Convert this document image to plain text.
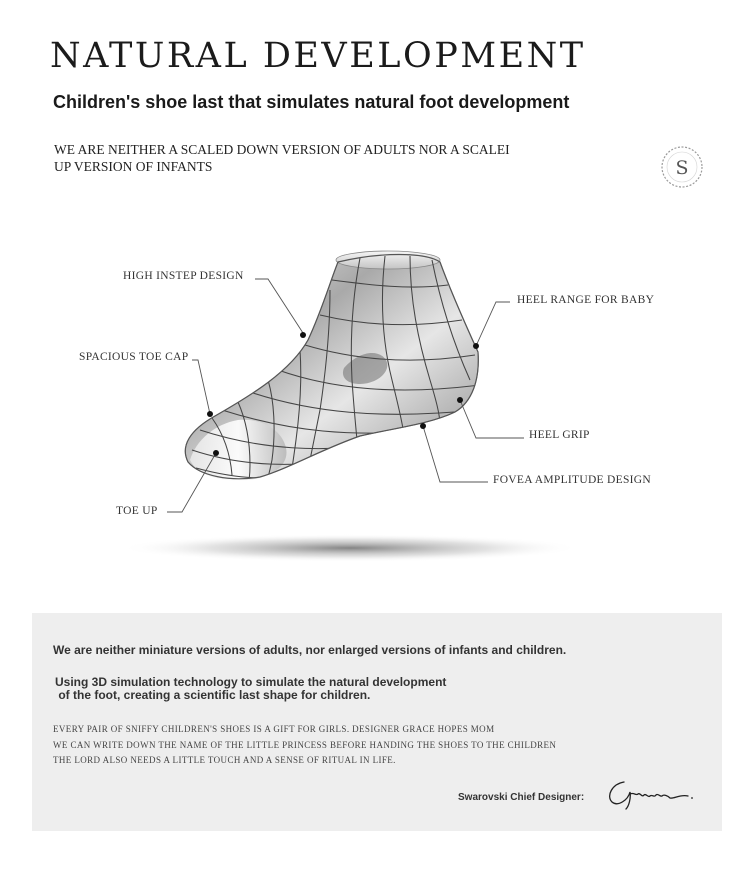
NATURAL DEVELOPMENT
Children's shoe last that simulates natural foot development
WE ARE NEITHER A SCALED DOWN VERSION OF ADULTS NOR A SCALEI
UP VERSION OF INFANTS	S
HIGH INSTEP DESIGN
SPACIOUS TOE CAP
TOE UP
HEEL RANGE FOR BABY
HEEL GRIP
FOVEA AMPLITUDE DESIGN
We are neither miniature versions of adults, nor enlarged versions of infants and children.
Using 3D simulation technology to simulate the natural development
of the foot, creating a scientific last shape for children.
EVERY PAIR OF SNIFFY CHILDREN'S SHOES IS A GIFT FOR GIRLS. DESIGNER GRACE HOPES MOM
WE CAN WRITE DOWN THE NAME OF THE LITTLE PRINCESS BEFORE HANDING THE SHOES TO THE CHILDREN
THE LORD ALSO NEEDS A LITTLE TOUCH AND A SENSE OF RITUAL IN LIFE.
Swarovski Chief Designer:
